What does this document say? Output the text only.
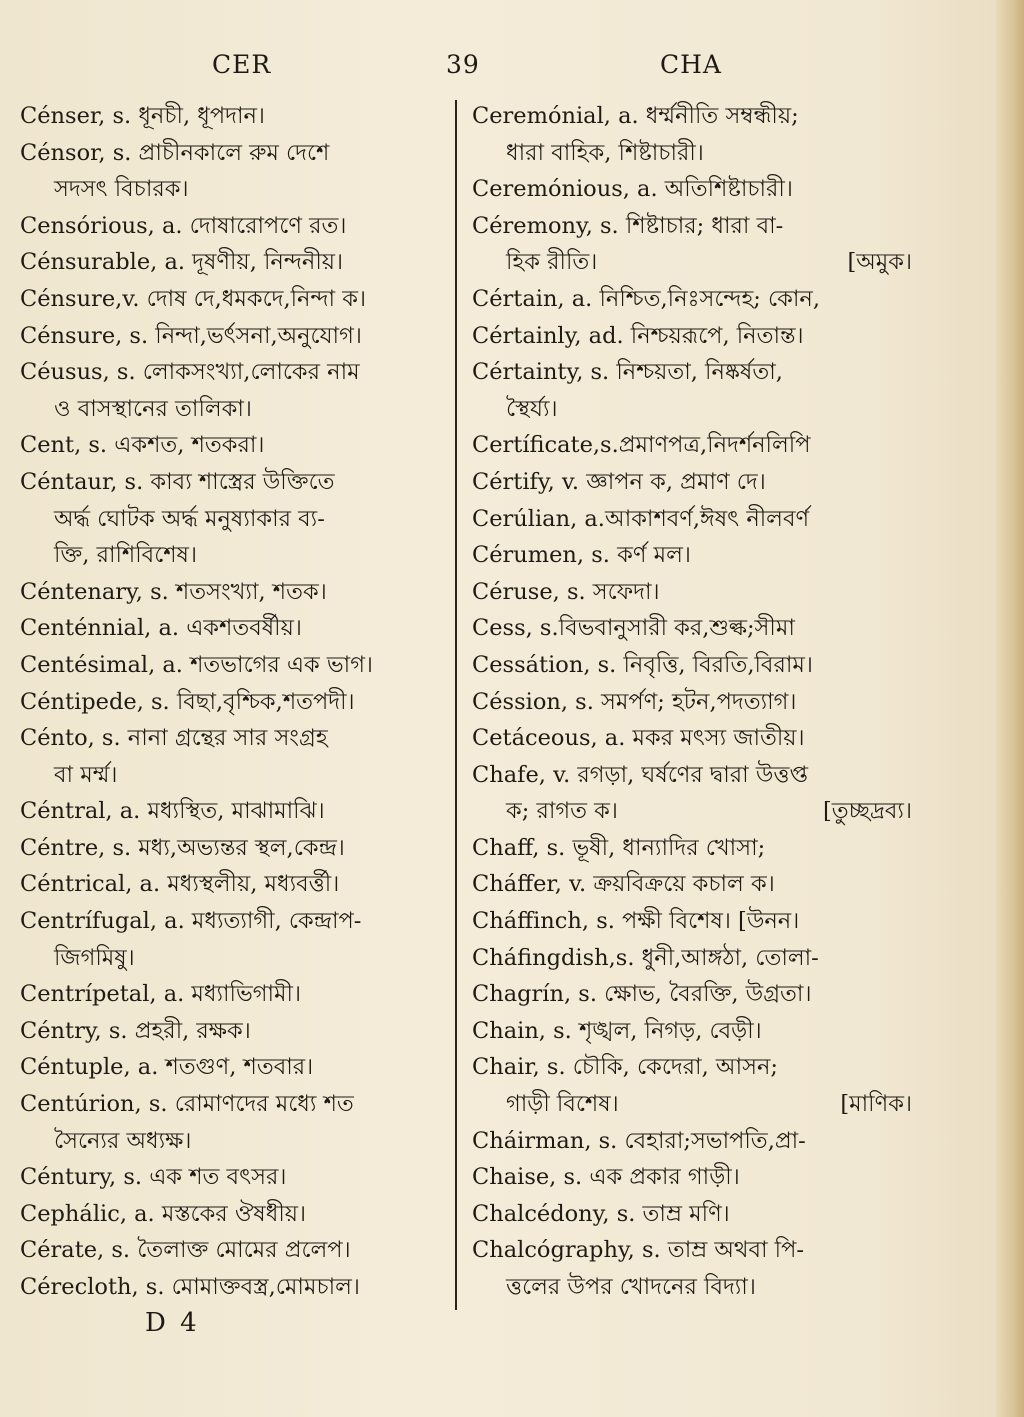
CER	39	CHA
Cénser, s. ধূনচী, ধূপদান।
Cénsor, s. প্রাচীনকালে রুম দেশে
সদসৎ বিচারক।
Censórious, a. দোষারোপণে রত।
Cénsurable, a. দূষণীয়, নিন্দনীয়।
Cénsure,v. দোষ দে,ধমকদে,নিন্দা ক।
Cénsure, s. নিন্দা,ভর্ৎসনা,অনুযোগ।
Céusus, s. লোকসংখ্যা,লোকের নাম
ও বাসস্থানের তালিকা।
Cent, s. একশত, শতকরা।
Céntaur, s. কাব্য শাস্ত্রের উক্তিতে
অর্দ্ধ ঘোটক অর্দ্ধ মনুষ্যাকার ব্য-
ক্তি, রাশিবিশেষ।
Céntenary, s. শতসংখ্যা, শতক।
Centénnial, a. একশতবর্ষীয়।
Centésimal, a. শতভাগের এক ভাগ।
Céntipede, s. বিছা,বৃশ্চিক,শতপদী।
Cénto, s. নানা গ্রন্থের সার সংগ্রহ
বা মর্ম্ম।
Céntral, a. মধ্যস্থিত, মাঝামাঝি।
Céntre, s. মধ্য,অভ্যন্তর স্থল,কেন্দ্র।
Céntrical, a. মধ্যস্থলীয়, মধ্যবর্ত্তী।
Centrífugal, a. মধ্যত্যাগী, কেন্দ্রাপ-
জিগমিষু।
Centrípetal, a. মধ্যাভিগামী।
Céntry, s. প্রহরী, রক্ষক।
Céntuple, a. শতগুণ, শতবার।
Centúrion, s. রোমাণদের মধ্যে শত
সৈন্যের অধ্যক্ষ।
Céntury, s. এক শত বৎসর।
Cephálic, a. মস্তকের ঔষধীয়।
Cérate, s. তৈলাক্ত মোমের প্রলেপ।
Cérecloth, s. মোমাক্তবস্ত্র,মোমচাল।
Ceremónial, a. ধর্ম্মনীতি সম্বন্ধীয়;
ধারা বাহিক, শিষ্টাচারী।
Ceremónious, a. অতিশিষ্টাচারী।
Céremony, s. শিষ্টাচার; ধারা বা-
হিক রীতি।	[অমুক।
Cértain, a. নিশ্চিত,নিঃসন্দেহ; কোন,
Cértainly, ad. নিশ্চয়রূপে, নিতান্ত।
Cértainty, s. নিশ্চয়তা, নিষ্কর্ষতা,
স্থৈর্য্য।
Certíficate,s.প্রমাণপত্র,নিদর্শনলিপি
Cértify, v. জ্ঞাপন ক, প্রমাণ দে।
Cerúlian, a.আকাশবর্ণ,ঈষৎ নীলবর্ণ
Cérumen, s. কর্ণ মল।
Céruse, s. সফেদা।
Cess, s.বিভবানুসারী কর,শুল্ক;সীমা
Cessátion, s. নিবৃত্তি, বিরতি,বিরাম।
Céssion, s. সমর্পণ; হটন,পদত্যাগ।
Cetáceous, a. মকর মৎস্য জাতীয়।
Chafe, v. রগড়া, ঘর্ষণের দ্বারা উত্তপ্ত
ক; রাগত ক।	[তুচ্ছদ্রব্য।
Chaff, s. ভূষী, ধান্যাদির খোসা;
Cháffer, v. ক্রয়বিক্রয়ে কচাল ক।
Cháffinch, s. পক্ষী বিশেষ। [উনন।
Cháfingdish,s. ধুনী,আঙ্গঠা, তোলা-
Chagrín, s. ক্ষোভ, বৈরক্তি, উগ্রতা।
Chain, s. শৃঙ্খল, নিগড়, বেড়ী।
Chair, s. চৌকি, কেদেরা, আসন;
গাড়ী বিশেষ।	[মাণিক।
Cháirman, s. বেহারা;সভাপতি,প্রা-
Chaise, s. এক প্রকার গাড়ী।
Chalcédony, s. তাম্র মণি।
Chalcógraphy, s. তাম্র অথবা পি-
ত্তলের উপর খোদনের বিদ্যা।
D 4
